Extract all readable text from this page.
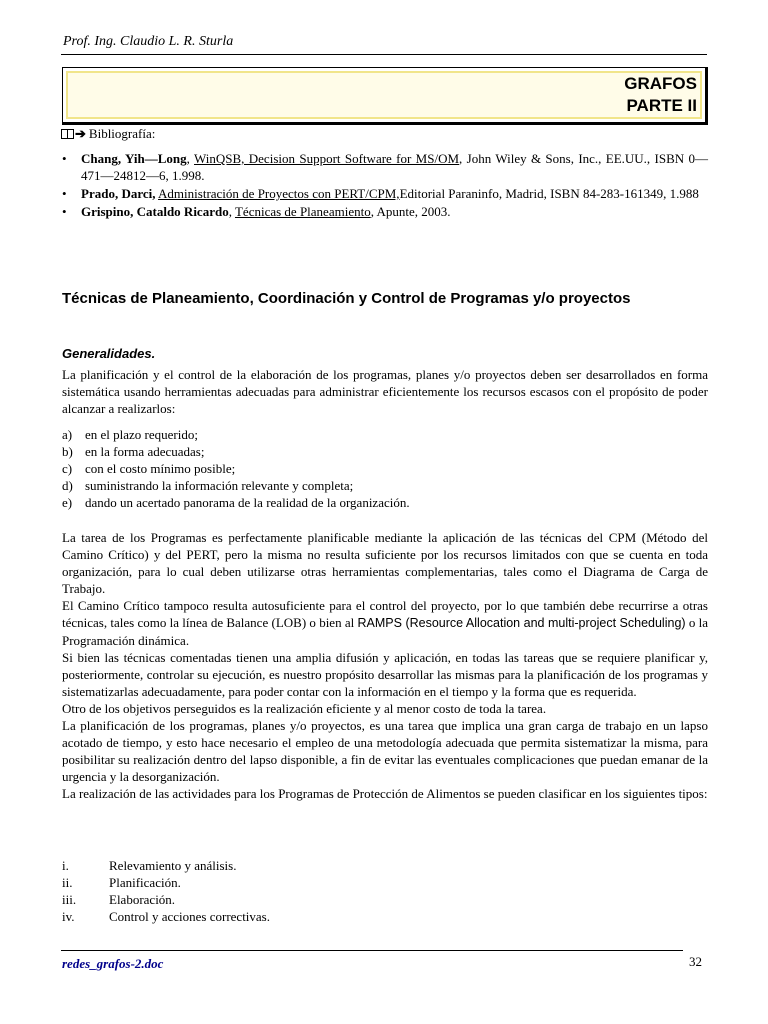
Prof. Ing. Claudio L. R. Sturla
GRAFOS
PARTE II
➔ Bibliografía:
• Chang, Yih—Long, WinQSB, Decision Support Software for MS/OM, John Wiley & Sons, Inc., EE.UU., ISBN 0—471—24812—6, 1.998.
• Prado, Darci, Administración de Proyectos con PERT/CPM,Editorial Paraninfo, Madrid, ISBN 84-283-161349, 1.988
• Grispino, Cataldo Ricardo, Técnicas de Planeamiento, Apunte, 2003.
Técnicas de Planeamiento, Coordinación y Control de Programas y/o proyectos
Generalidades.
La planificación y el control de la elaboración de los programas, planes y/o proyectos deben ser desarrollados en forma sistemática usando herramientas adecuadas para administrar eficientemente los recursos escasos con el propósito de poder alcanzar a realizarlos:
a) en el plazo requerido;
b) en la forma adecuadas;
c) con el costo mínimo posible;
d) suministrando la información relevante y completa;
e) dando un acertado panorama de la realidad de la organización.

La tarea de los Programas es perfectamente planificable mediante la aplicación de las técnicas del CPM (Método del Camino Crítico) y del PERT, pero la misma no resulta suficiente por los recursos limitados con que se cuenta en toda organización, para lo cual deben utilizarse otras herramientas complementarias, tales como el Diagrama de Carga de Trabajo.

El Camino Crítico tampoco resulta autosuficiente para el control del proyecto, por lo que también debe recurrirse a otras técnicas, tales como la línea de Balance (LOB) o bien al RAMPS (Resource Allocation and multi-project Scheduling) o la Programación dinámica.

Si bien las técnicas comentadas tienen una amplia difusión y aplicación, en todas las tareas que se requiere planificar y, posteriormente, controlar su ejecución, es nuestro propósito desarrollar las mismas para la planificación de los programas y sistematizarlas adecuadamente, para poder contar con la información en el tiempo y la forma que es requerida.

Otro de los objetivos perseguidos es la realización eficiente y al menor costo de toda la tarea.

La planificación de los programas, planes y/o proyectos, es una tarea que implica una gran carga de trabajo en un lapso acotado de tiempo, y esto hace necesario el empleo de una metodología adecuada que permita sistematizar la misma, para posibilitar su realización dentro del lapso disponible, a fin de evitar las eventuales complicaciones que puedan emanar de la urgencia y la desorganización.

La realización de las actividades para los Programas de Protección de Alimentos se pueden clasificar en los siguientes tipos:

i.	Relevamiento y análisis.
ii.	Planificación.
iii.	Elaboración.
iv.	Control y acciones correctivas.
redes_grafos-2.doc	32
